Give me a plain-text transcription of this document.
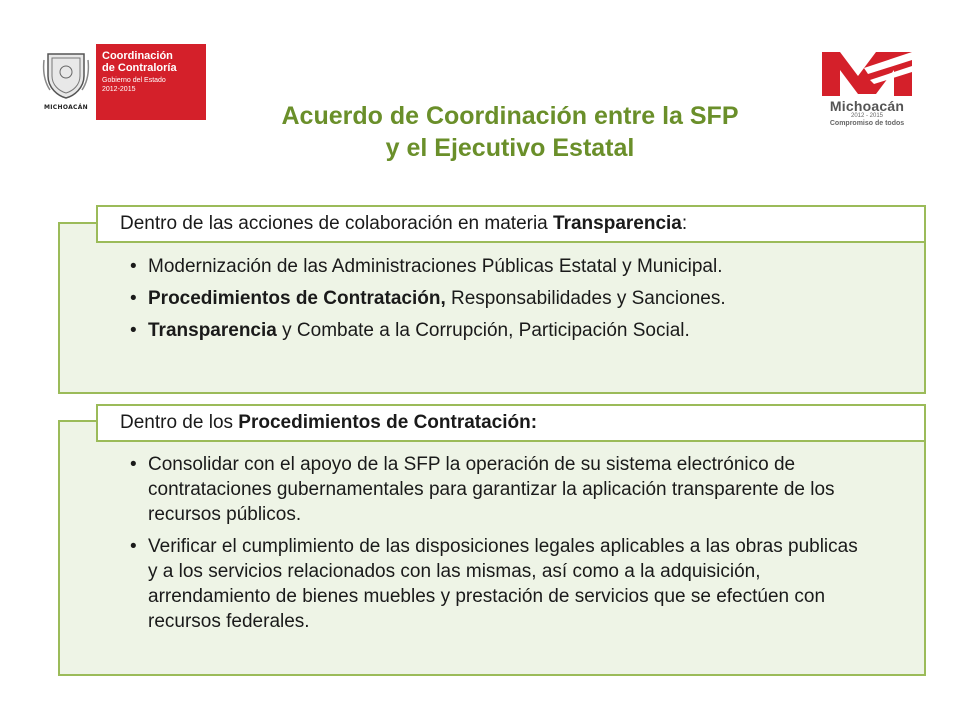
MICHOACÁN
Coordinación
de Contraloría
Gobierno del Estado
2012-2015
Michoacán
2012 - 2015
Compromiso de todos
Acuerdo de Coordinación entre la SFP
y el Ejecutivo Estatal
Dentro de las acciones de colaboración en materia Transparencia:
• Modernización de las Administraciones Públicas Estatal y Municipal.
• Procedimientos de Contratación, Responsabilidades y Sanciones.
• Transparencia y Combate a la Corrupción, Participación Social.
Dentro de los Procedimientos de Contratación:
• Consolidar con el apoyo de la SFP la operación de su sistema electrónico de contrataciones gubernamentales para garantizar la aplicación transparente de los recursos públicos.
• Verificar el cumplimiento de las disposiciones legales aplicables a las obras publicas y a los servicios relacionados con las mismas, así como a la adquisición, arrendamiento de bienes muebles y prestación de servicios que se efectúen con recursos federales.
